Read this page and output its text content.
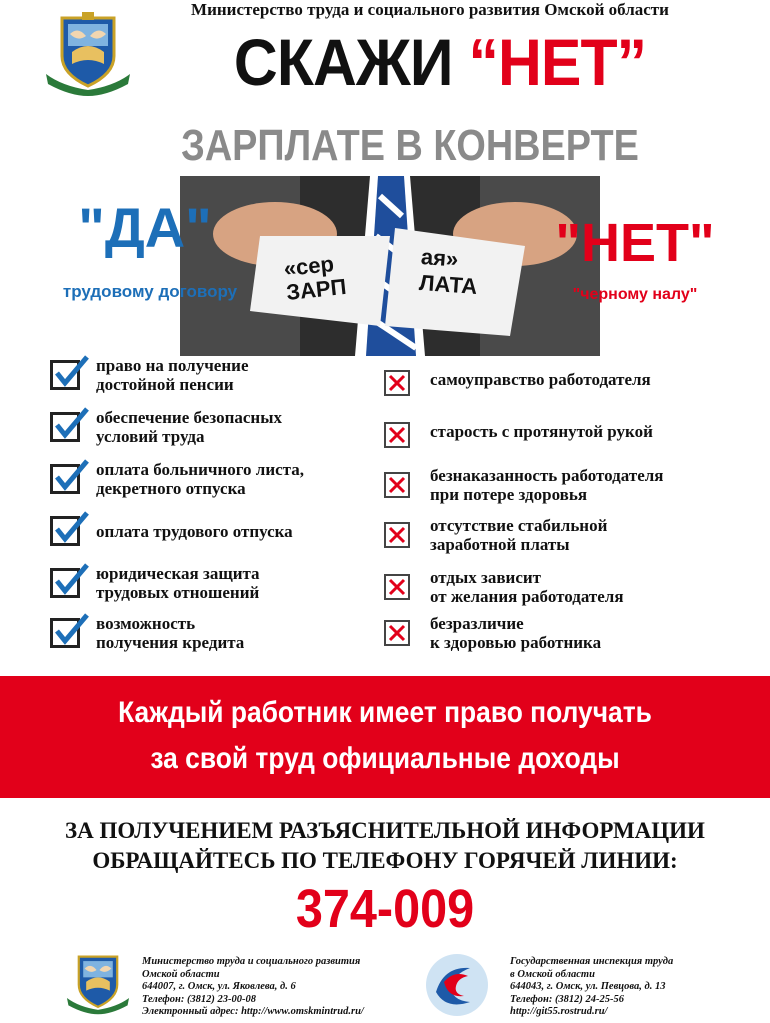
Министерство труда и социального развития Омской области
СКАЖИ “НЕТ”
ЗАРПЛАТЕ В КОНВЕРТЕ
«сер
ЗАРП
ая»
ЛАТА
"ДА"
трудовому договору
"НЕТ"
"черному налу"
право на получение
достойной пенсии
обеспечение безопасных
условий труда
оплата больничного листа,
декретного отпуска
оплата трудового отпуска
юридическая защита
трудовых отношений
возможность
получения кредита
самоуправство работодателя
старость с протянутой рукой
безнаказанность работодателя
при потере здоровья
отсутствие стабильной
заработной платы
отдых зависит
от желания работодателя
безразличие
к здоровью работника
Каждый работник имеет право получать
за свой труд официальные доходы
ЗА ПОЛУЧЕНИЕМ РАЗЪЯСНИТЕЛЬНОЙ ИНФОРМАЦИИ
ОБРАЩАЙТЕСЬ ПО ТЕЛЕФОНУ ГОРЯЧЕЙ ЛИНИИ:
374-009
Министерство труда и социального развития
Омской области
644007, г. Омск, ул. Яковлева, д. 6
Телефон: (3812) 23-00-08
Электронный адрес: http://www.omskmintrud.ru/
Государственная инспекция труда
в Омской области
644043, г. Омск, ул. Певцова, д. 13
Телефон: (3812) 24-25-56
http://git55.rostrud.ru/
